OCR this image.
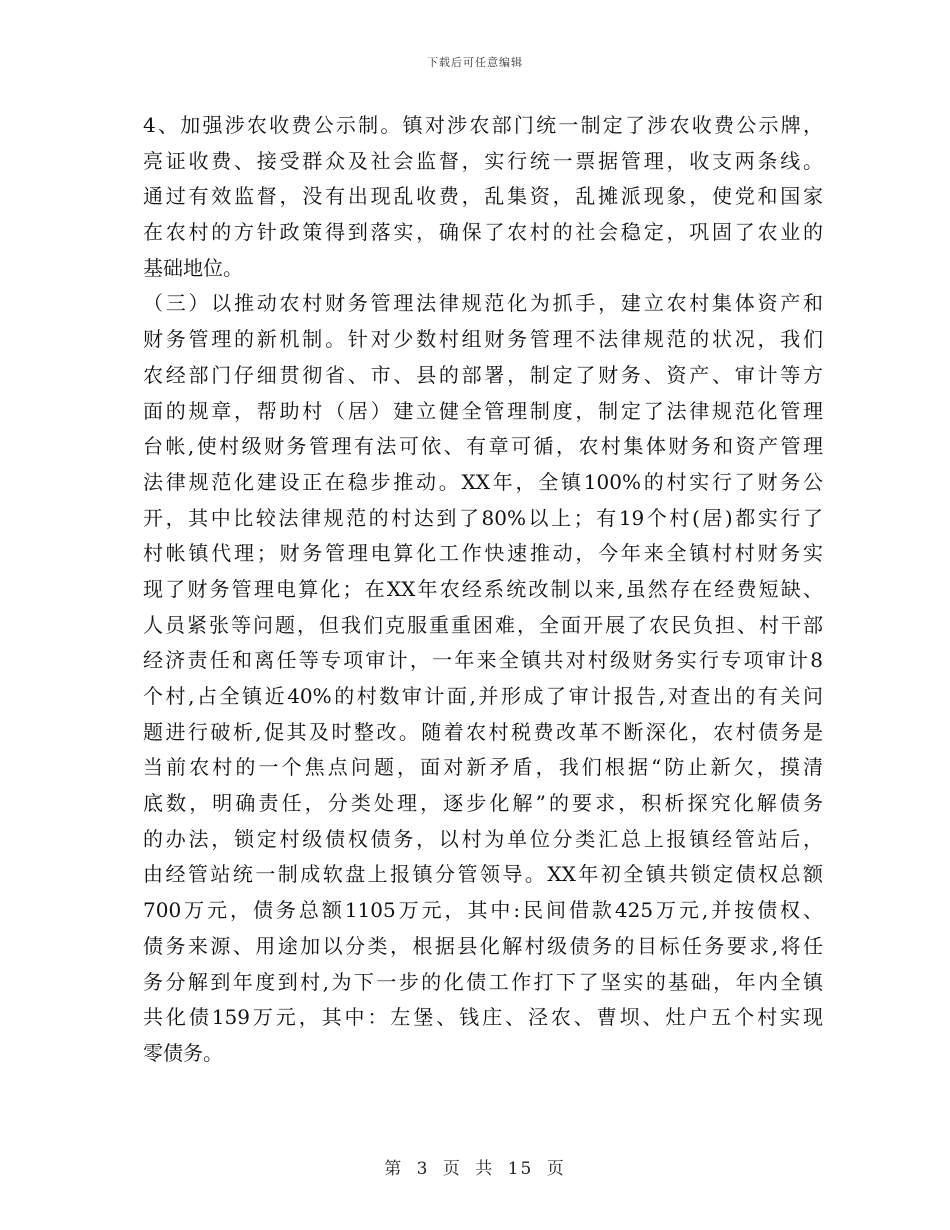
下载后可任意编辑
4、加强涉农收费公示制。镇对涉农部门统一制定了涉农收费公示牌，
亮证收费、接受群众及社会监督，实行统一票据管理，收支两条线。
通过有效监督，没有出现乱收费，乱集资，乱摊派现象，使党和国家
在农村的方针政策得到落实，确保了农村的社会稳定，巩固了农业的
基础地位。
（三）以推动农村财务管理法律规范化为抓手，建立农村集体资产和
财务管理的新机制。针对少数村组财务管理不法律规范的状况，我们
农经部门仔细贯彻省、市、县的部署，制定了财务、资产、审计等方
面的规章，帮助村（居）建立健全管理制度，制定了法律规范化管理
台帐,使村级财务管理有法可依、有章可循，农村集体财务和资产管理
法律规范化建设正在稳步推动。XX年，全镇100%的村实行了财务公
开，其中比较法律规范的村达到了80%以上；有19个村(居)都实行了
村帐镇代理；财务管理电算化工作快速推动，今年来全镇村村财务实
现了财务管理电算化；在XX年农经系统改制以来,虽然存在经费短缺、
人员紧张等问题，但我们克服重重困难，全面开展了农民负担、村干部
经济责任和离任等专项审计，一年来全镇共对村级财务实行专项审计8
个村,占全镇近40%的村数审计面,并形成了审计报告,对查出的有关问
题进行破析,促其及时整改。随着农村税费改革不断深化，农村债务是
当前农村的一个焦点问题，面对新矛盾，我们根据“防止新欠，摸清
底数，明确责任，分类处理，逐步化解”的要求，积析探究化解债务
的办法，锁定村级债权债务，以村为单位分类汇总上报镇经管站后，
由经管站统一制成软盘上报镇分管领导。XX年初全镇共锁定债权总额
700万元，债务总额1105万元，其中:民间借款425万元,并按债权、
债务来源、用途加以分类，根据县化解村级债务的目标任务要求,将任
务分解到年度到村,为下一步的化债工作打下了坚实的基础，年内全镇
共化债159万元，其中：左堡、钱庄、泾农、曹坝、灶户五个村实现
零债务。
第 3 页 共 15 页
